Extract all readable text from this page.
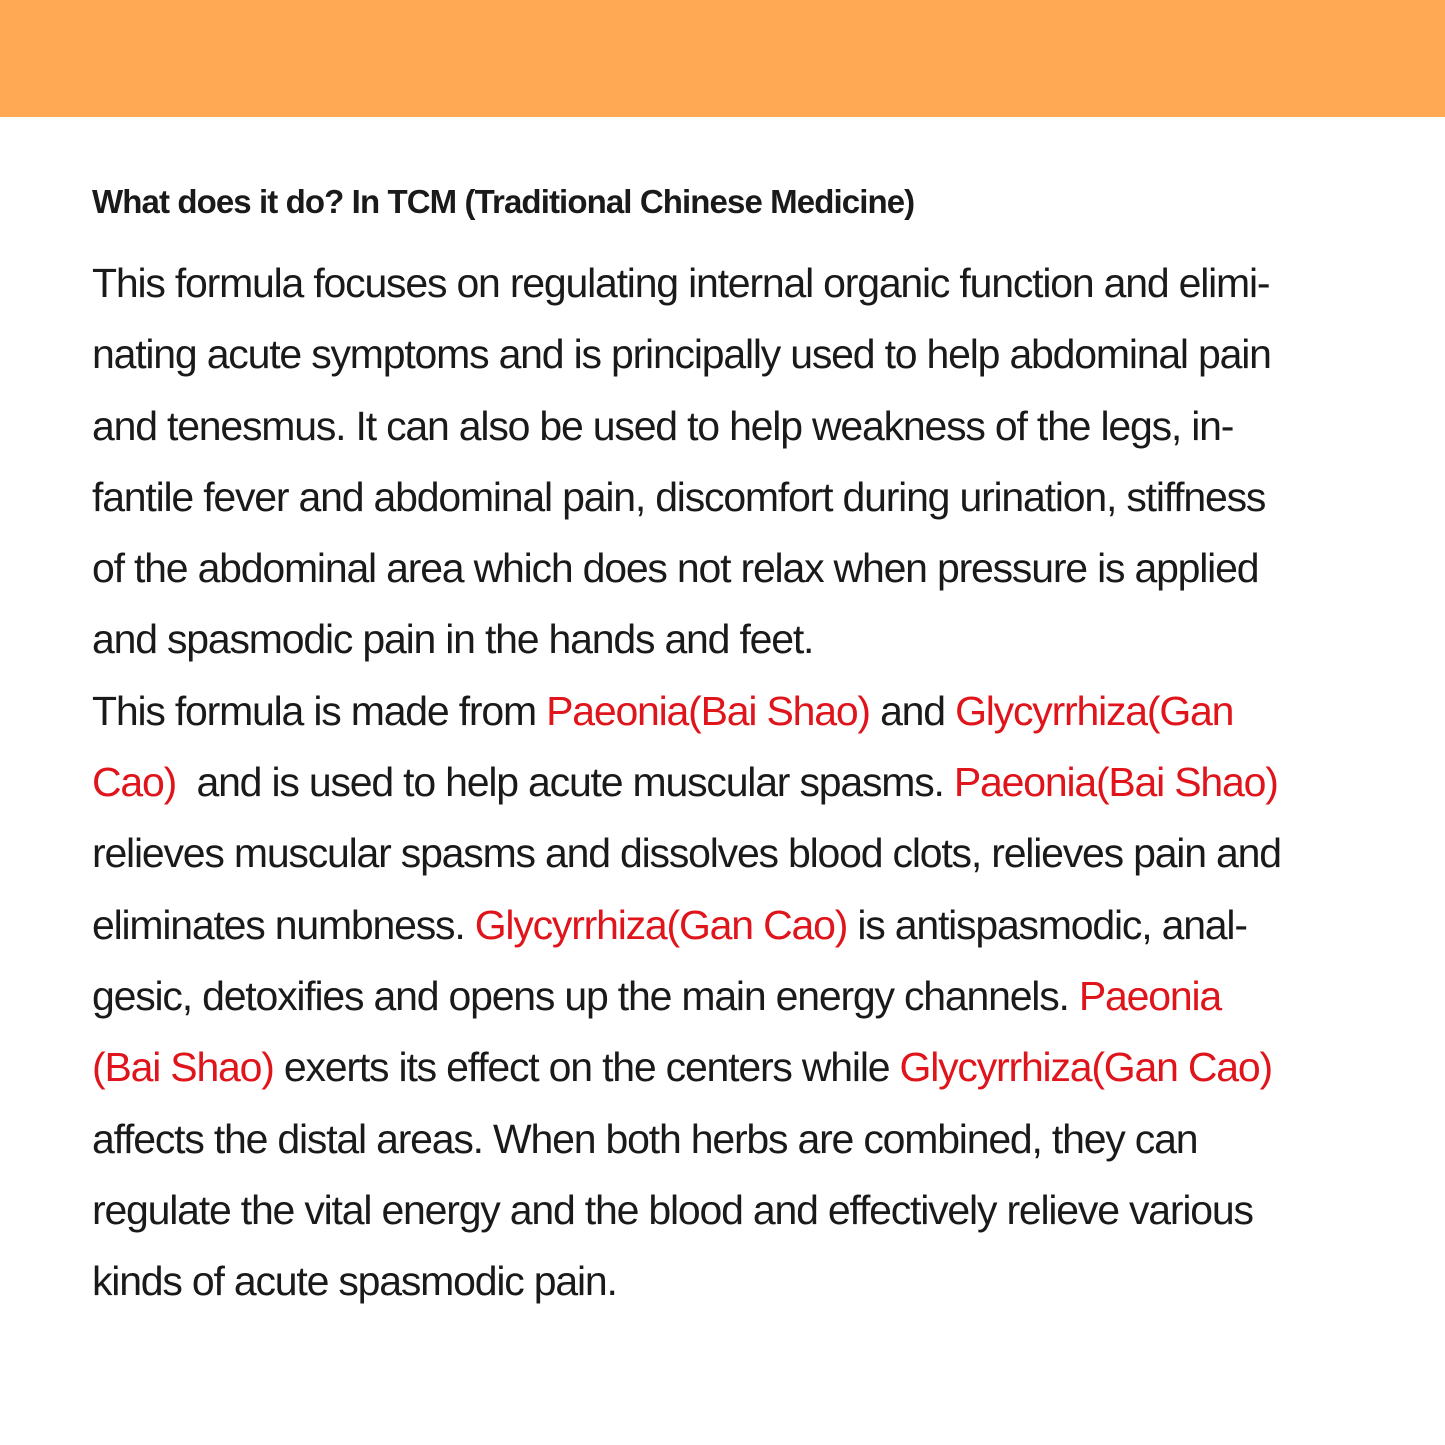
What does it do? In TCM (Traditional Chinese Medicine)
This formula focuses on regulating internal organic function and elimi-
nating acute symptoms and is principally used to help abdominal pain
and tenesmus. It can also be used to help weakness of the legs, in-
fantile fever and abdominal pain, discomfort during urination, stiffness
of the abdominal area which does not relax when pressure is applied
and spasmodic pain in the hands and feet.
This formula is made from Paeonia(Bai Shao) and Glycyrrhiza(Gan
Cao)  and is used to help acute muscular spasms. Paeonia(Bai Shao)
relieves muscular spasms and dissolves blood clots, relieves pain and
eliminates numbness. Glycyrrhiza(Gan Cao) is antispasmodic, anal-
gesic, detoxifies and opens up the main energy channels. Paeonia
(Bai Shao) exerts its effect on the centers while Glycyrrhiza(Gan Cao)
affects the distal areas. When both herbs are combined, they can
regulate the vital energy and the blood and effectively relieve various
kinds of acute spasmodic pain.
